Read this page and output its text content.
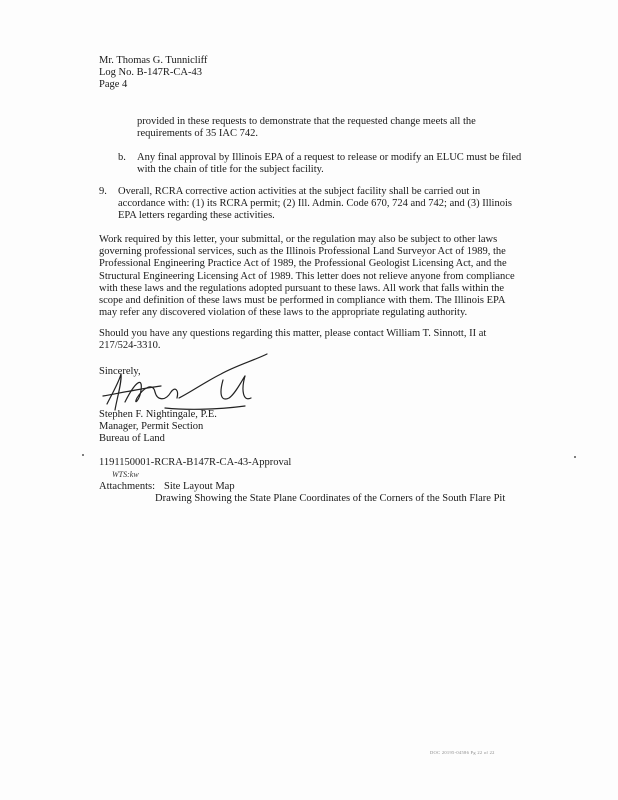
Mr. Thomas G. Tunnicliff
Log No. B-147R-CA-43
Page 4
provided in these requests to demonstrate that the requested change meets all the
requirements of 35 IAC 742.
b. Any final approval by Illinois EPA of a request to release or modify an ELUC must be filed
with the chain of title for the subject facility.
9. Overall, RCRA corrective action activities at the subject facility shall be carried out in
accordance with: (1) its RCRA permit; (2) Ill. Admin. Code 670, 724 and 742; and (3) Illinois
EPA letters regarding these activities.
Work required by this letter, your submittal, or the regulation may also be subject to other laws
governing professional services, such as the Illinois Professional Land Surveyor Act of 1989, the
Professional Engineering Practice Act of 1989, the Professional Geologist Licensing Act, and the
Structural Engineering Licensing Act of 1989. This letter does not relieve anyone from compliance
with these laws and the regulations adopted pursuant to these laws. All work that falls within the
scope and definition of these laws must be performed in compliance with them. The Illinois EPA
may refer any discovered violation of these laws to the appropriate regulating authority.
Should you have any questions regarding this matter, please contact William T. Sinnott, II at
217/524-3310.
Sincerely,
Stephen F. Nightingale, P.E.
Manager, Permit Section
Bureau of Land
1191150001-RCRA-B147R-CA-43-Approval
WTS:kw
Attachments: Site Layout Map
Drawing Showing the State Plane Coordinates of the Corners of the South Flare Pit
DOC 20195-04586 Pg 22 of 22
